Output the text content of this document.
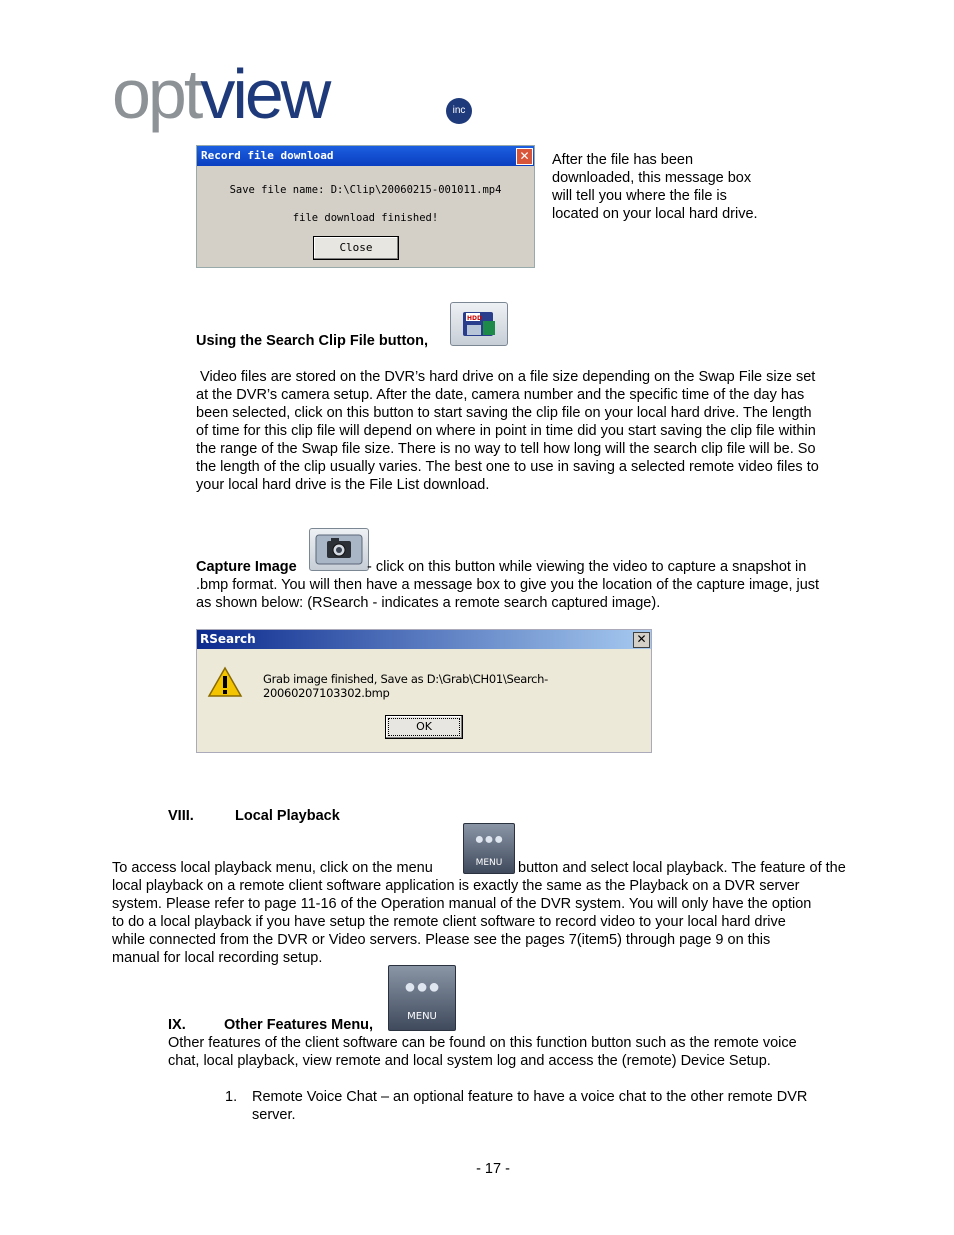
optview	inc
Record file download	✕
Save file name: D:\Clip\20060215-001011.mp4
file download finished!
Close
After the file has been
downloaded, this message box
will tell you where the file is
located on your local hard drive.
Using the Search Clip File button,
HDD
Video files are stored on the DVR’s hard drive on a file size depending on the Swap File size set
at the DVR’s camera setup. After the date, camera number and the specific time of the day has
been selected, click on this button to start saving the clip file on your local hard drive. The length
of time for this clip file will depend on where in point in time did you start saving the clip file within
the range of the Swap file size. There is no way to tell how long will the search clip file will be. So
the length of the clip usually varies. The best one to use in saving a selected remote video files to
your local hard drive is the File List download.
Capture Image	- click on this button while viewing the video to capture a snapshot in
.bmp format. You will then have a message box to give you the location of the capture image, just
as shown below: (RSearch - indicates a remote search captured image).
RSearch	✕
Grab image finished, Save as D:\Grab\CH01\Search-20060207103302.bmp
OK
VIII.	Local Playback
●●●
MENU
To access local playback menu, click on the menu	button and select local playback. The feature of the
local playback on a remote client software application is exactly the same as the Playback on a DVR server
system. Please refer to page 11-16 of the Operation manual of the DVR system. You will only have the option
to do a local playback if you have setup the remote client software to record video to your local hard drive
while connected from the DVR or Video servers. Please see the pages 7(item5) through page 9 on this
manual for local recording setup.
●●●
MENU
IX.	Other Features Menu,
Other features of the client software can be found on this function button such as the remote voice
chat, local playback, view remote and local system log and access the (remote) Device Setup.
1. Remote Voice Chat – an optional feature to have a voice chat to the other remote DVR
server.
- 17 -
